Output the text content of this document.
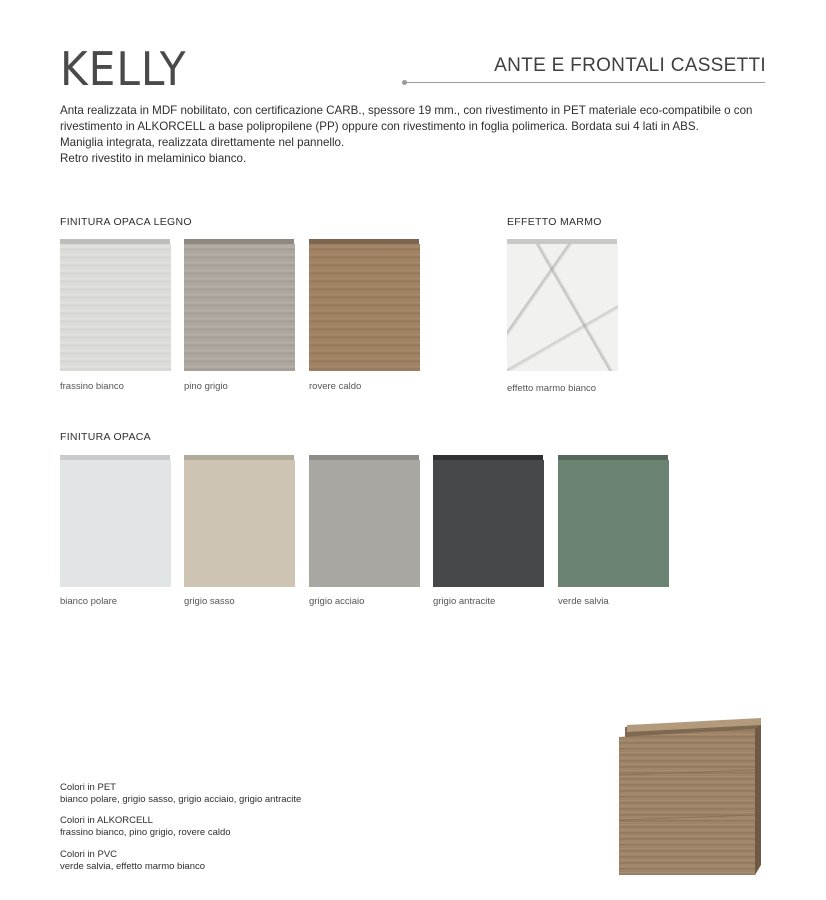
KELLY	ANTE E FRONTALI CASSETTI

Anta realizzata in MDF nobilitato, con certificazione CARB., spessore 19 mm., con rivestimento in PET materiale eco-compatibile o con rivestimento in ALKORCELL a base polipropilene (PP) oppure con rivestimento in foglia polimerica. Bordata sui 4 lati in ABS.

Maniglia integrata, realizzata direttamente nel pannello.

Retro rivestito in melaminico bianco.

FINITURA OPACA LEGNO
frassino bianco	pino grigio	rovere caldo
EFFETTO MARMO
effetto marmo bianco
FINITURA OPACA
bianco polare	grigio sasso	grigio acciaio	grigio antracite	verde salvia
Colori in PET
bianco polare, grigio sasso, grigio acciaio, grigio antracite
Colori in ALKORCELL
frassino bianco, pino grigio, rovere caldo
Colori in PVC
verde salvia, effetto marmo bianco
